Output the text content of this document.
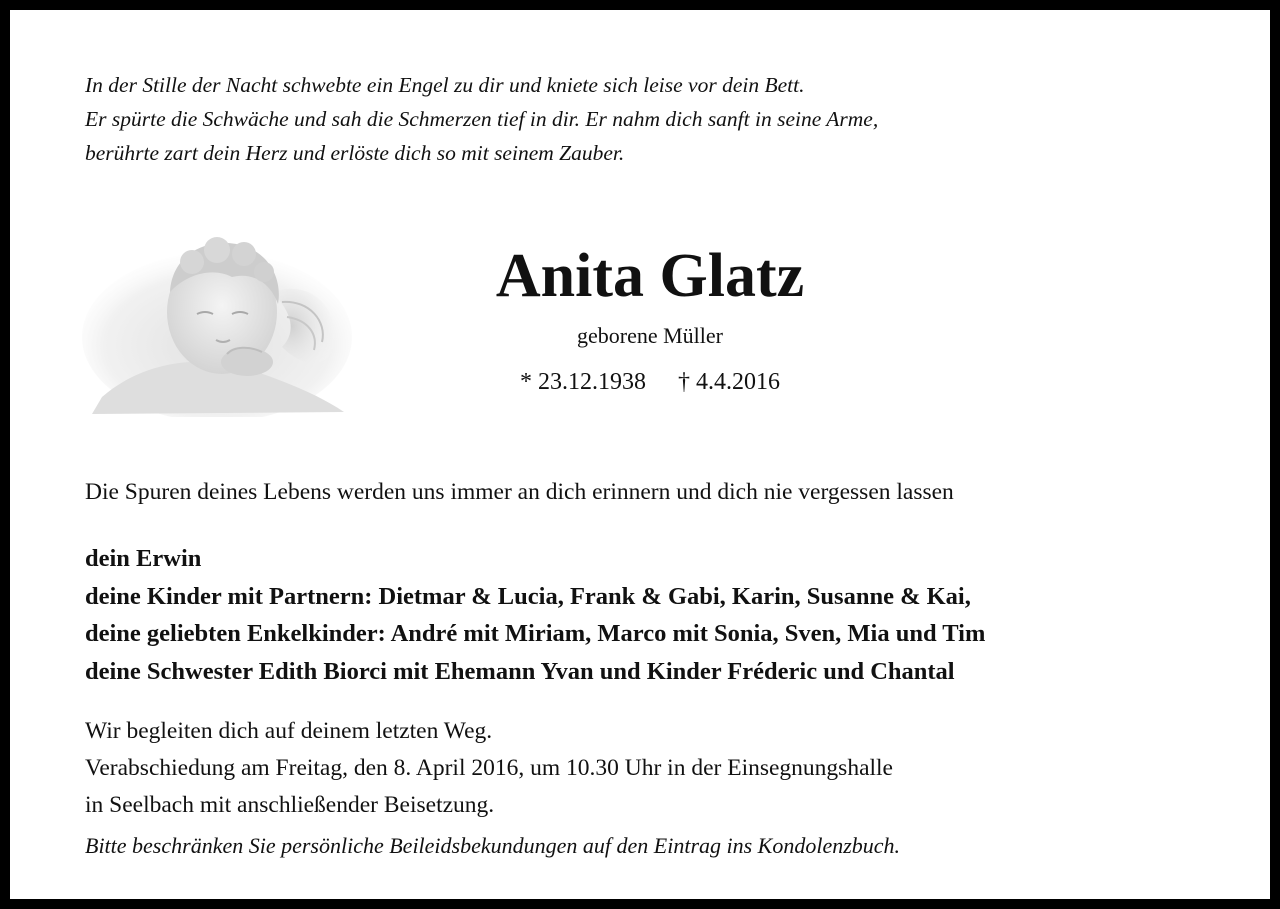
In der Stille der Nacht schwebte ein Engel zu dir und kniete sich leise vor dein Bett.
Er spürte die Schwäche und sah die Schmerzen tief in dir. Er nahm dich sanft in seine Arme,
berührte zart dein Herz und erlöste dich so mit seinem Zauber.
Anita Glatz
geborene Müller
* 23.12.1938 † 4.4.2016
Die Spuren deines Lebens werden uns immer an dich erinnern und dich nie vergessen lassen
dein Erwin
deine Kinder mit Partnern: Dietmar & Lucia, Frank & Gabi, Karin, Susanne & Kai,
deine geliebten Enkelkinder: André mit Miriam, Marco mit Sonia, Sven, Mia und Tim
deine Schwester Edith Biorci mit Ehemann Yvan und Kinder Fréderic und Chantal
Wir begleiten dich auf deinem letzten Weg.
Verabschiedung am Freitag, den 8. April 2016, um 10.30 Uhr in der Einsegnungshalle
in Seelbach mit anschließender Beisetzung.
Bitte beschränken Sie persönliche Beileidsbekundungen auf den Eintrag ins Kondolenzbuch.
